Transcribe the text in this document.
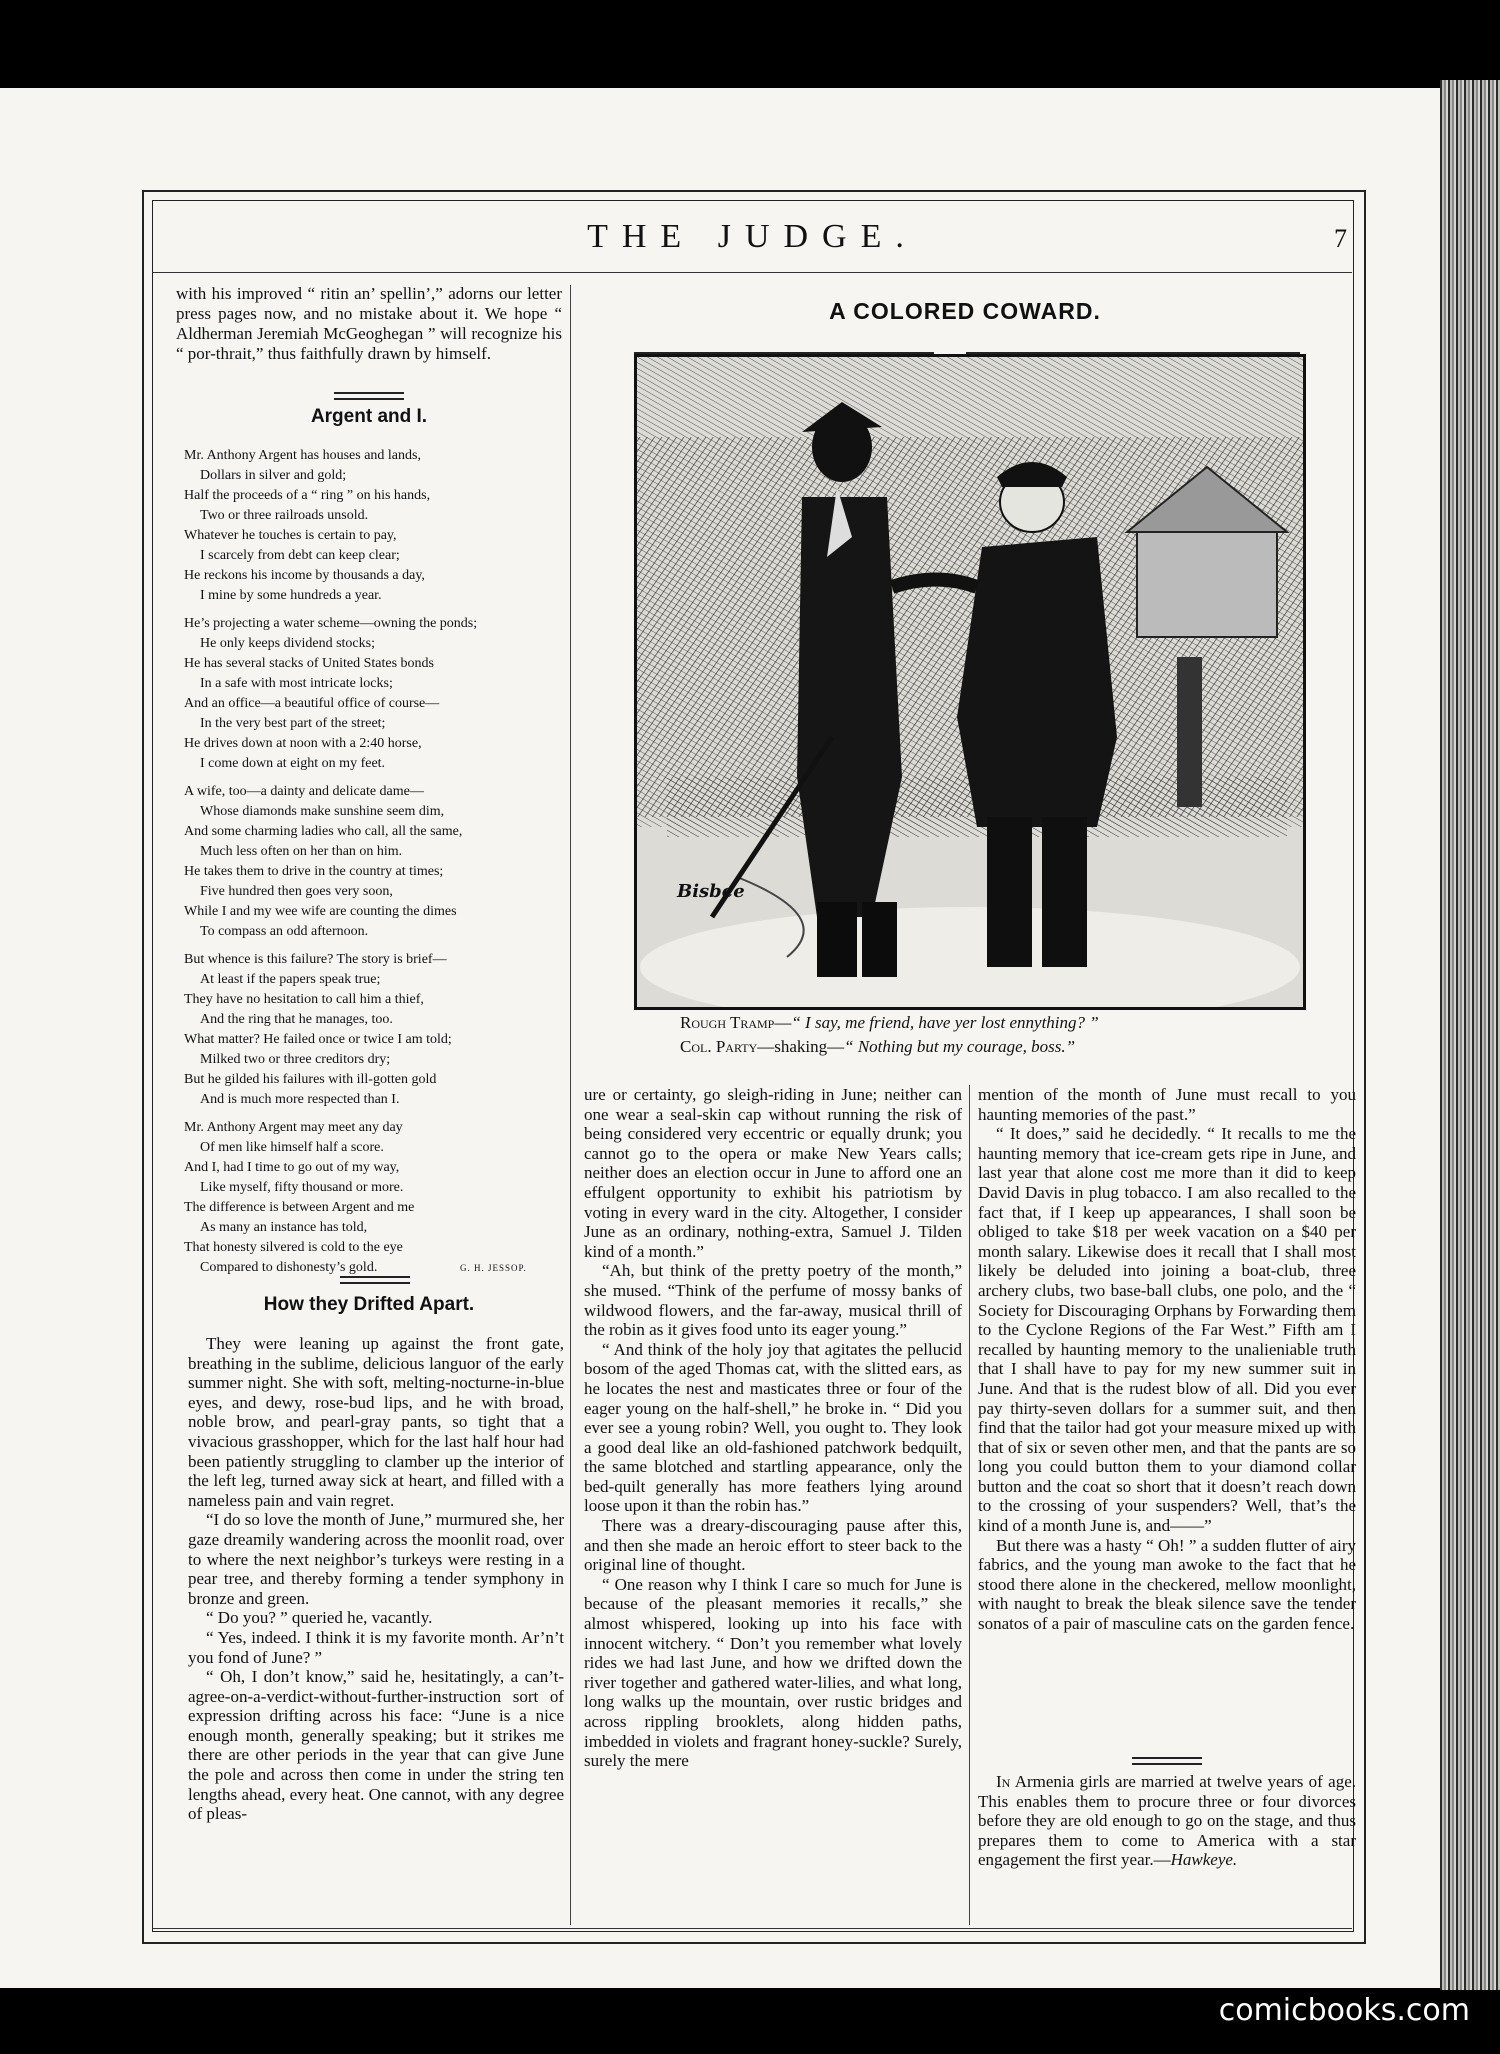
THE JUDGE.	7

with his improved “ ritin an’ spellin’,” adorns our letter press pages now, and no mistake about it. We hope “ Aldherman Jeremiah McGeoghegan ” will recognize his “ por-thrait,” thus faithfully drawn by himself.

Argent and I.
Mr. Anthony Argent has houses and lands,
Dollars in silver and gold;
Half the proceeds of a “ ring ” on his hands,
Two or three railroads unsold.
Whatever he touches is certain to pay,
I scarcely from debt can keep clear;
He reckons his income by thousands a day,
I mine by some hundreds a year.
He’s projecting a water scheme—owning the ponds;
He only keeps dividend stocks;
He has several stacks of United States bonds
In a safe with most intricate locks;
And an office—a beautiful office of course—
In the very best part of the street;
He drives down at noon with a 2:40 horse,
I come down at eight on my feet.
A wife, too—a dainty and delicate dame—
Whose diamonds make sunshine seem dim,
And some charming ladies who call, all the same,
Much less often on her than on him.
He takes them to drive in the country at times;
Five hundred then goes very soon,
While I and my wee wife are counting the dimes
To compass an odd afternoon.
But whence is this failure? The story is brief—
At least if the papers speak true;
They have no hesitation to call him a thief,
And the ring that he manages, too.
What matter? He failed once or twice I am told;
Milked two or three creditors dry;
But he gilded his failures with ill-gotten gold
And is much more respected than I.
Mr. Anthony Argent may meet any day
Of men like himself half a score.
And I, had I time to go out of my way,
Like myself, fifty thousand or more.
The difference is between Argent and me
As many an instance has told,
That honesty silvered is cold to the eye
Compared to dishonesty’s gold.	G. H. JESSOP.
How they Drifted Apart.

They were leaning up against the front gate, breathing in the sublime, delicious languor of the early summer night. She with soft, melting-nocturne-in-blue eyes, and dewy, rose-bud lips, and he with broad, noble brow, and pearl-gray pants, so tight that a vivacious grasshopper, which for the last half hour had been patiently struggling to clamber up the interior of the left leg, turned away sick at heart, and filled with a nameless pain and vain regret.

“I do so love the month of June,” murmured she, her gaze dreamily wandering across the moonlit road, over to where the next neighbor’s turkeys were resting in a pear tree, and thereby forming a tender symphony in bronze and green.

“ Do you? ” queried he, vacantly.

“ Yes, indeed. I think it is my favorite month. Ar’n’t you fond of June? ”

“ Oh, I don’t know,” said he, hesitatingly, a can’t-agree-on-a-verdict-without-further-instruction sort of expression drifting across his face: “June is a nice enough month, generally speaking; but it strikes me there are other periods in the year that can give June the pole and across then come in under the string ten lengths ahead, every heat. One cannot, with any degree of pleas-

A COLORED COWARD.
Bisbee
Rough Tramp—“ I say, me friend, have yer lost ennything? ”
Col. Party—shaking—“ Nothing but my courage, boss.”

ure or certainty, go sleigh-riding in June; neither can one wear a seal-skin cap without running the risk of being considered very eccentric or equally drunk; you cannot go to the opera or make New Years calls; neither does an election occur in June to afford one an effulgent opportunity to exhibit his patriotism by voting in every ward in the city. Altogether, I consider June as an ordinary, nothing-extra, Samuel J. Tilden kind of a month.”

“Ah, but think of the pretty poetry of the month,” she mused. “Think of the perfume of mossy banks of wildwood flowers, and the far-away, musical thrill of the robin as it gives food unto its eager young.”

“ And think of the holy joy that agitates the pellucid bosom of the aged Thomas cat, with the slitted ears, as he locates the nest and masticates three or four of the eager young on the half-shell,” he broke in. “ Did you ever see a young robin? Well, you ought to. They look a good deal like an old-fashioned patchwork bedquilt, the same blotched and startling appearance, only the bed-quilt generally has more feathers lying around loose upon it than the robin has.”

There was a dreary-discouraging pause after this, and then she made an heroic effort to steer back to the original line of thought.

“ One reason why I think I care so much for June is because of the pleasant memories it recalls,” she almost whispered, looking up into his face with innocent witchery. “ Don’t you remember what lovely rides we had last June, and how we drifted down the river together and gathered water-lilies, and what long, long walks up the mountain, over rustic bridges and across rippling brooklets, along hidden paths, imbedded in violets and fragrant honey-suckle? Surely, surely the mere

mention of the month of June must recall to you haunting memories of the past.”

“ It does,” said he decidedly. “ It recalls to me the haunting memory that ice-cream gets ripe in June, and last year that alone cost me more than it did to keep David Davis in plug tobacco. I am also recalled to the fact that, if I keep up appearances, I shall soon be obliged to take $18 per week vacation on a $40 per month salary. Likewise does it recall that I shall most likely be deluded into joining a boat-club, three archery clubs, two base-ball clubs, one polo, and the “ Society for Discouraging Orphans by Forwarding them to the Cyclone Regions of the Far West.” Fifth am I recalled by haunting memory to the unalieniable truth that I shall have to pay for my new summer suit in June. And that is the rudest blow of all. Did you ever pay thirty-seven dollars for a summer suit, and then find that the tailor had got your measure mixed up with that of six or seven other men, and that the pants are so long you could button them to your diamond collar button and the coat so short that it doesn’t reach down to the crossing of your suspenders? Well, that’s the kind of a month June is, and——”

But there was a hasty “ Oh! ” a sudden flutter of airy fabrics, and the young man awoke to the fact that he stood there alone in the checkered, mellow moonlight, with naught to break the bleak silence save the tender sonatos of a pair of masculine cats on the garden fence.

In Armenia girls are married at twelve years of age. This enables them to procure three or four divorces before they are old enough to go on the stage, and thus prepares them to come to America with a star engagement the first year.—Hawkeye.

comicbooks.com
